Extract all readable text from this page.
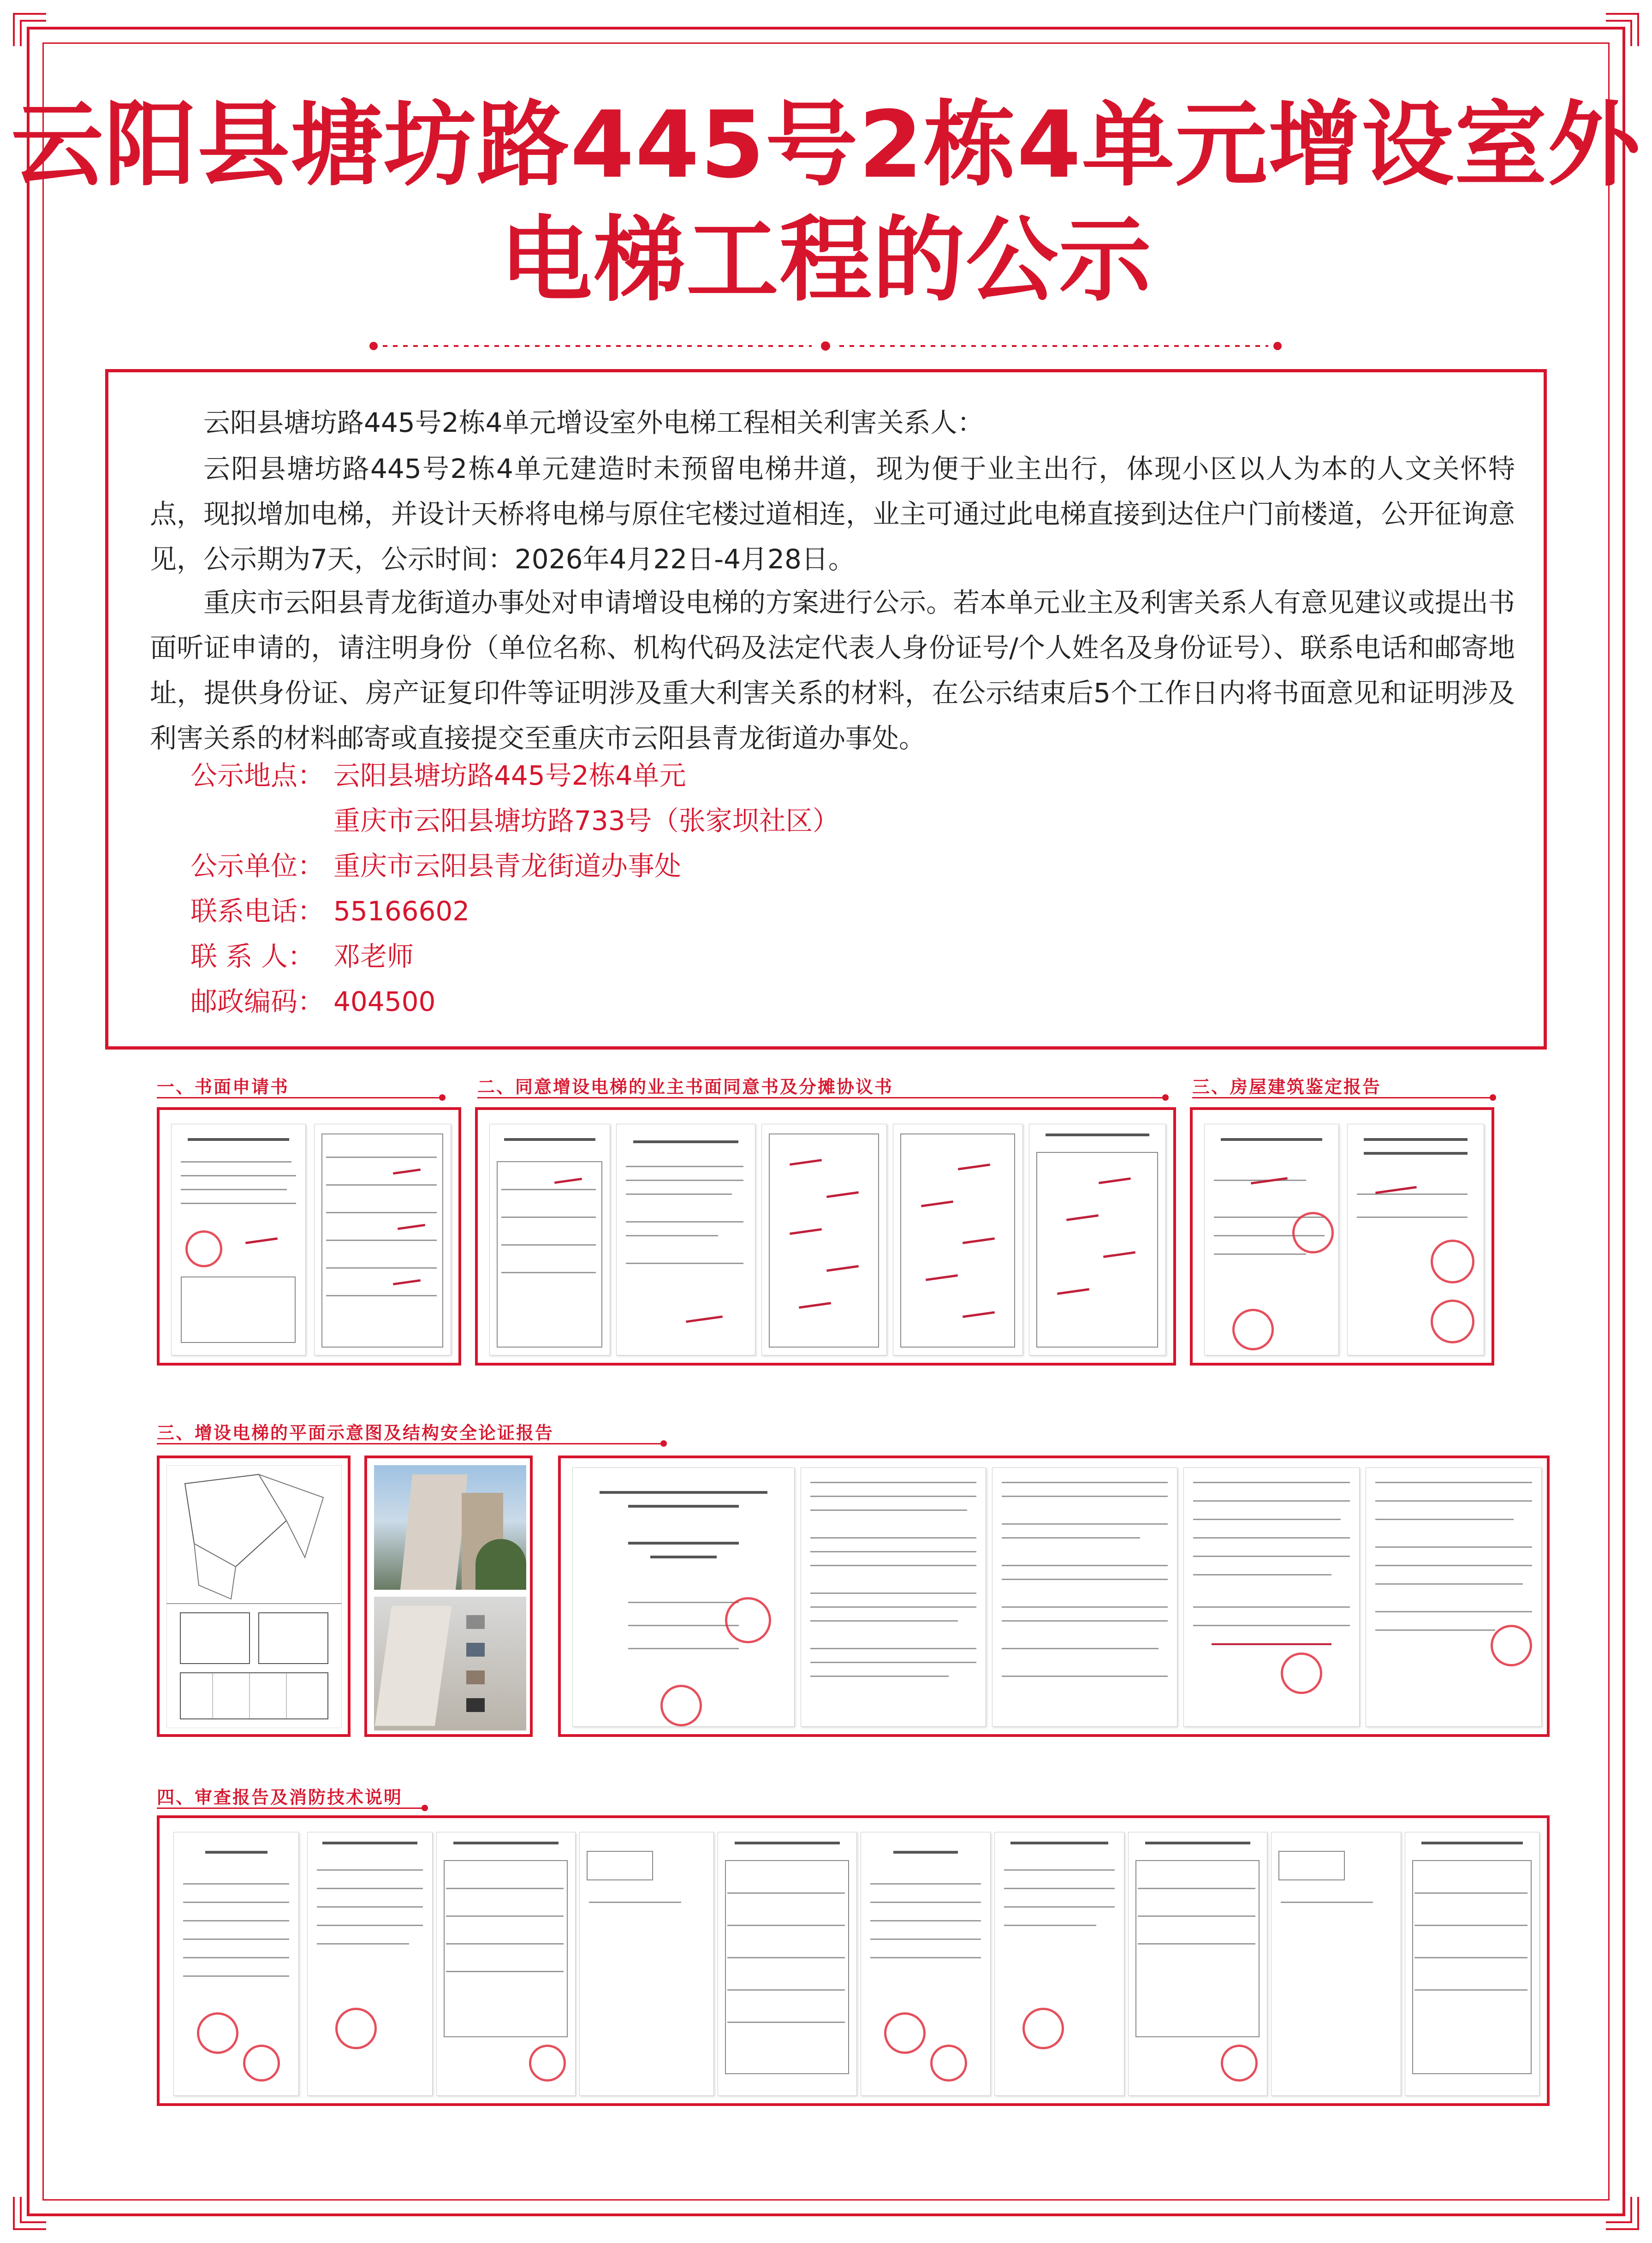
云阳县塘坊路445号2栋4单元增设室外
电梯工程的公示
云阳县塘坊路445号2栋4单元增设室外电梯工程相关利害关系人：
云阳县塘坊路445号2栋4单元建造时未预留电梯井道，现为便于业主出行，体现小区以人为本的人文关怀特点，现拟增加电梯，并设计天桥将电梯与原住宅楼过道相连，业主可通过此电梯直接到达住户门前楼道，公开征询意见，公示期为7天，公示时间：2026年4月22日-4月28日。
重庆市云阳县青龙街道办事处对申请增设电梯的方案进行公示。若本单元业主及利害关系人有意见建议或提出书面听证申请的，请注明身份（单位名称、机构代码及法定代表人身份证号/个人姓名及身份证号）、联系电话和邮寄地址，提供身份证、房产证复印件等证明涉及重大利害关系的材料，在公示结束后5个工作日内将书面意见和证明涉及利害关系的材料邮寄或直接提交至重庆市云阳县青龙街道办事处。
公示地点： 云阳县塘坊路445号2栋4单元
重庆市云阳县塘坊路733号（张家坝社区）
公示单位： 重庆市云阳县青龙街道办事处
联系电话： 55166602
联 系 人： 邓老师
邮政编码： 404500
一、书面申请书	二、同意增设电梯的业主书面同意书及分摊协议书	三、房屋建筑鉴定报告
三、增设电梯的平面示意图及结构安全论证报告
四、审查报告及消防技术说明
